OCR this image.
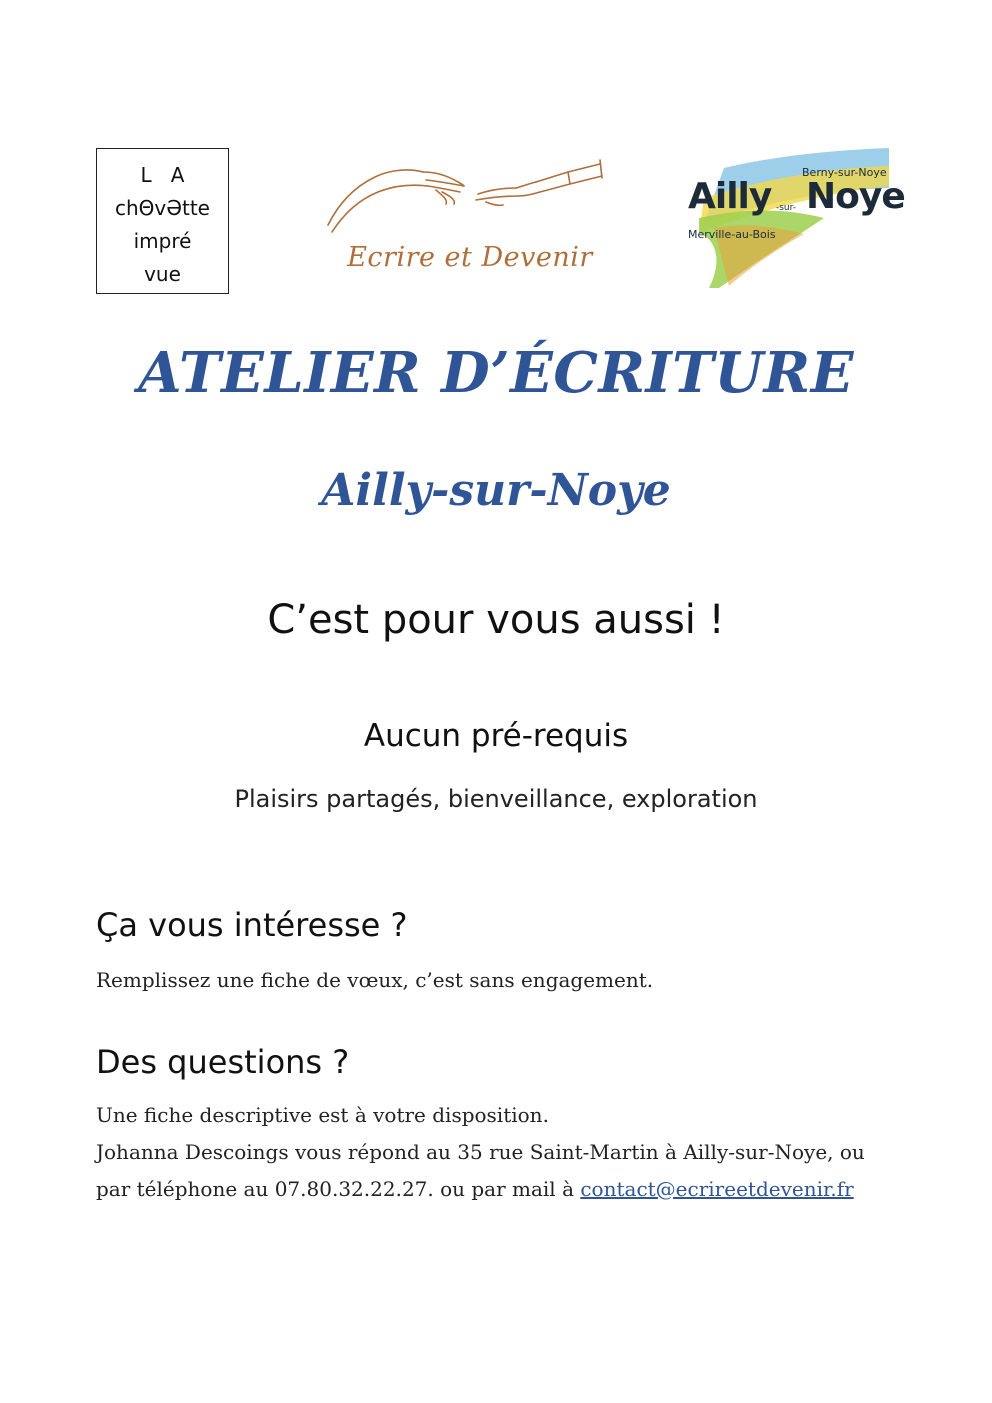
L   A
chΘvƏtte
impré
vue
Ecrire et Devenir
Berny-sur-Noye
Ailly -sur- Noye
Merville-au-Bois
ATELIER D’ÉCRITURE
Ailly-sur-Noye
C’est pour vous aussi !
Aucun pré-requis
Plaisirs partagés, bienveillance, exploration
Ça vous intéresse ?
Remplissez une fiche de vœux, c’est sans engagement.
Des questions ?
Une fiche descriptive est à votre disposition.
Johanna Descoings vous répond au 35 rue Saint-Martin à Ailly-sur-Noye, ou
par téléphone au 07.80.32.22.27. ou par mail à contact@ecrireetdevenir.fr
